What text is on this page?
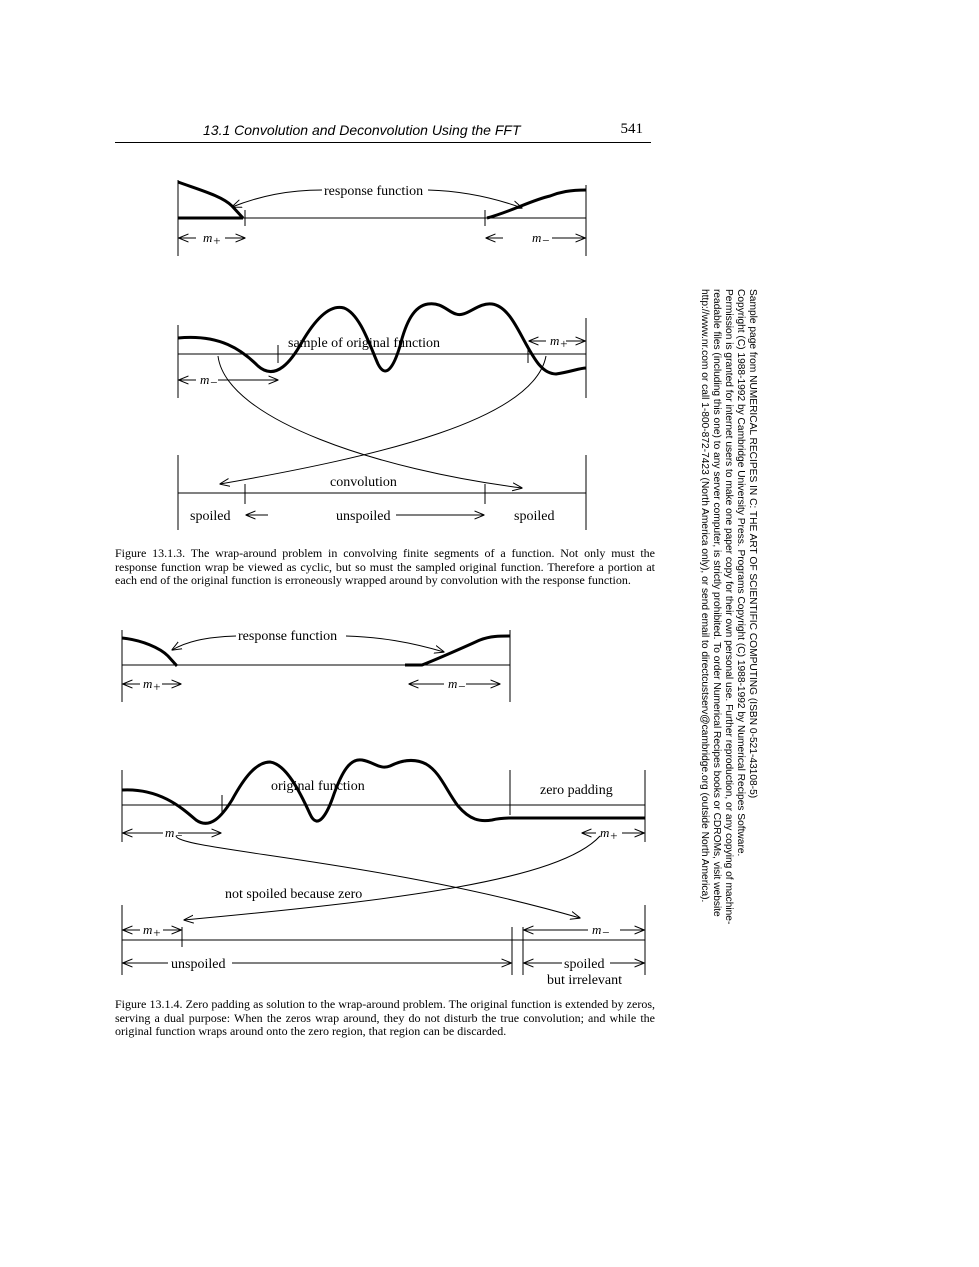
13.1 Convolution and Deconvolution Using the FFT	541
response function
sample of original function
convolution
spoiled	unspoiled	spoiled
m+	m−
m−
m+
response function
original function	zero padding
not spoiled because zero
unspoiled	spoiled
but irrelevant
m+	m−
m−	m+
m+	m−

Figure 13.1.3. The wrap-around problem in convolving finite segments of a function. Not only must the response function wrap be viewed as cyclic, but so must the sampled original function. Therefore a portion at each end of the original function is erroneously wrapped around by convolution with the response function.

Figure 13.1.4. Zero padding as solution to the wrap-around problem. The original function is extended by zeros, serving a dual purpose: When the zeros wrap around, they do not disturb the true convolution; and while the original function wraps around onto the zero region, that region can be discarded.

Sample page from NUMERICAL RECIPES IN C: THE ART OF SCIENTIFIC COMPUTING (ISBN 0-521-43108-5)
Copyright (C) 1988-1992 by Cambridge University Press. Programs Copyright (C) 1988-1992 by Numerical Recipes Software.
Permission is granted for internet users to make one paper copy for their own personal use. Further reproduction, or any copying of machine-
readable files (including this one) to any server computer, is strictly prohibited. To order Numerical Recipes books or CDROMs, visit website
http://www.nr.com or call 1-800-872-7423 (North America only), or send email to directcustserv@cambridge.org (outside North America).
